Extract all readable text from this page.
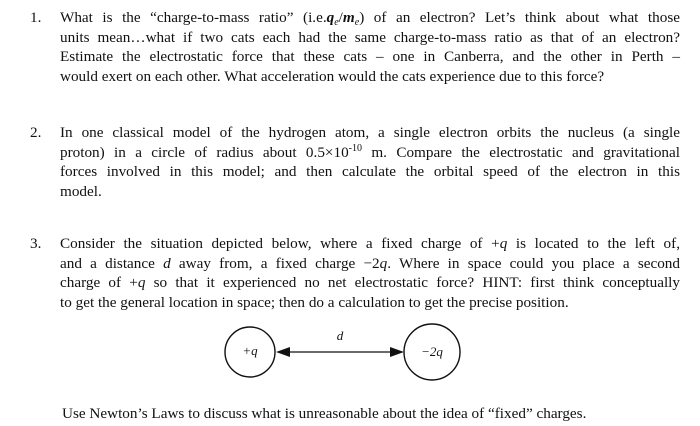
1.	What is the “charge-to-mass ratio” $(i.e.q_e/m_e)$ of an electron? Let’s think about what those
units mean…what if two cats each had the same charge-to-mass ratio as that of an electron?
Estimate the electrostatic force that these cats – one in Canberra, and the other in Perth –
would exert on each other. What acceleration would the cats experience due to this force?
2.	In one classical model of the hydrogen atom, a single electron orbits the nucleus (a single
proton) in a circle of radius about $0.5\times 10^{-10}$ m. Compare the electrostatic and gravitational
forces involved in this model; and then calculate the orbital speed of the electron in this
model.
3.	Consider the situation depicted below, where a fixed charge of +q is located to the left of,
and a distance d away from, a fixed charge −2q. Where in space could you place a second
charge of +q so that it experienced no net electrostatic force? HINT: first think conceptually
to get the general location in space; then do a calculation to get the precise position.
+q	−2q
d
Use Newton’s Laws to discuss what is unreasonable about the idea of “fixed” charges.
